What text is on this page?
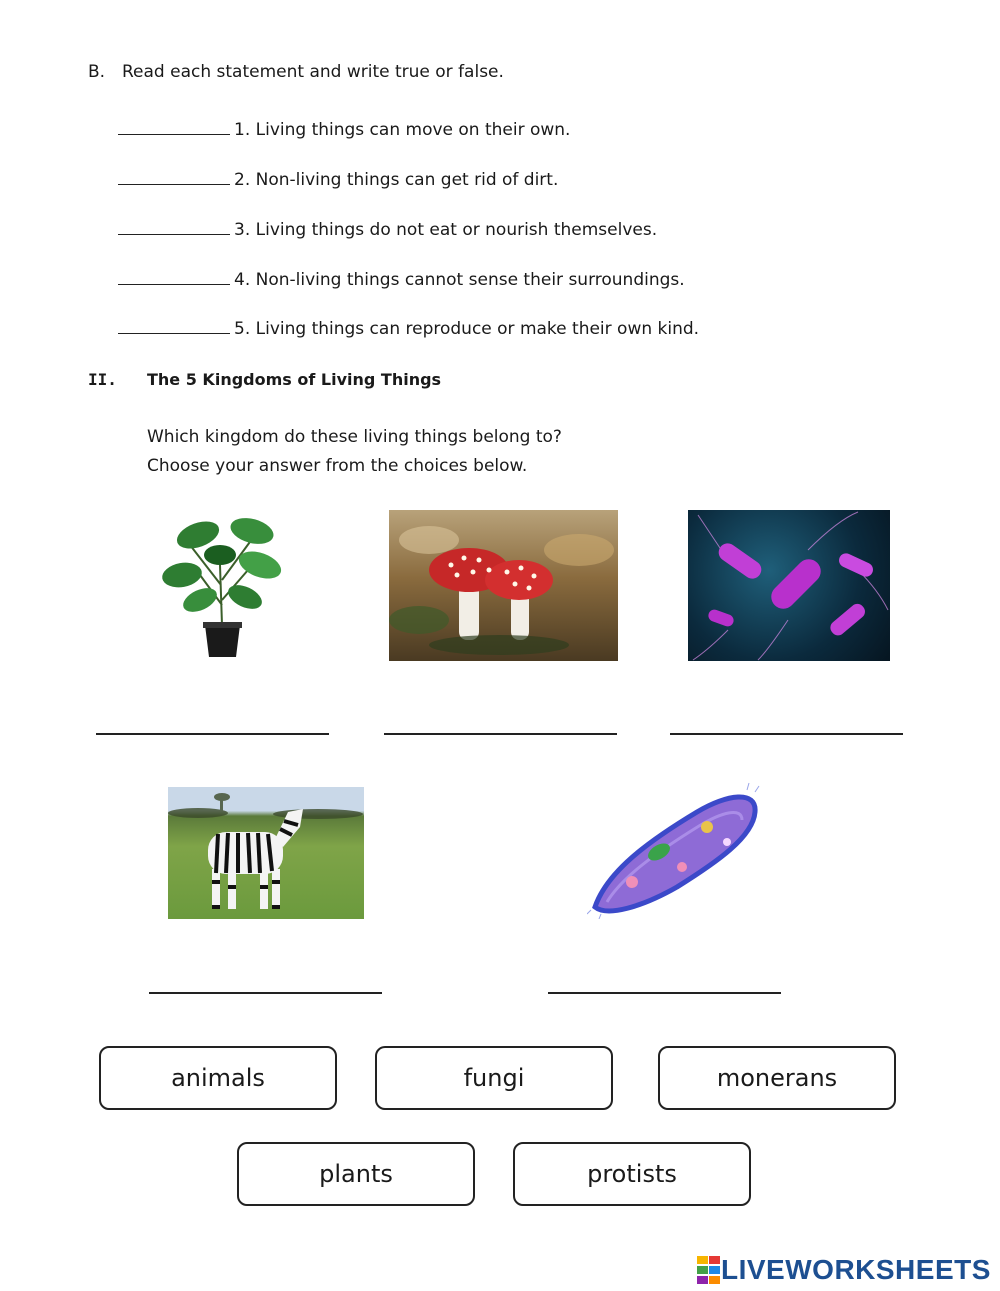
B. Read each statement and write true or false.
1. Living things can move on their own.
2. Non-living things can get rid of dirt.
3. Living things do not eat or nourish themselves.
4. Non-living things cannot sense their surroundings.
5. Living things can reproduce or make their own kind.
II. The 5 Kingdoms of Living Things
Which kingdom do these living things belong to?
Choose your answer from the choices below.
animals	fungi	monerans
plants	protists
LIVEWORKSHEETS
